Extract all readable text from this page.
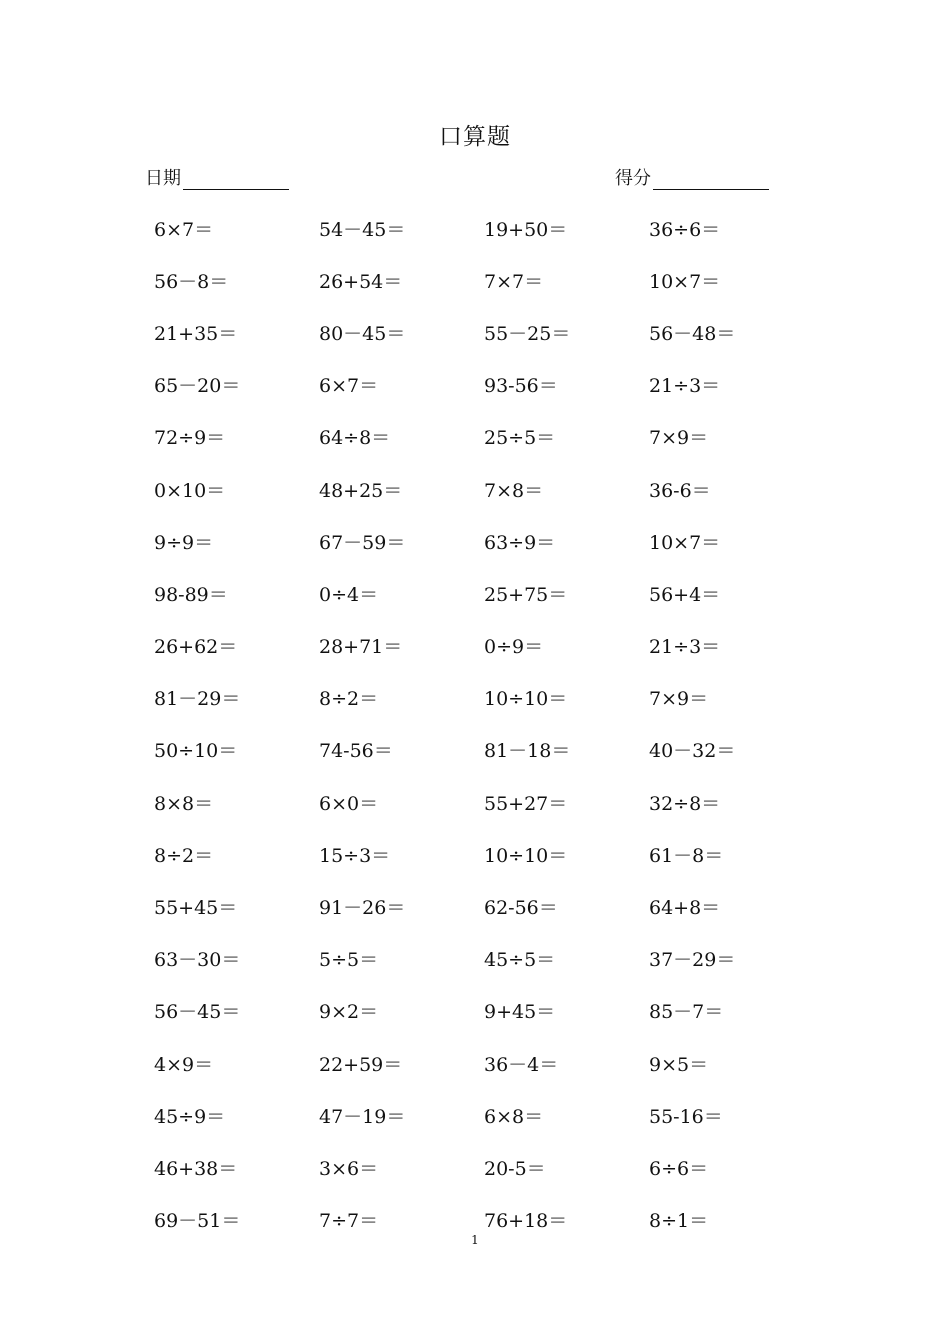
口算题
日期	得分
6×7＝	54－45＝	19+50＝	36÷6＝
56－8＝	26+54＝	7×7＝	10×7＝
21+35＝	80－45＝	55－25＝	56－48＝
65－20＝	6×7＝	93-56＝	21÷3＝
72÷9＝	64÷8＝	25÷5＝	7×9＝
0×10＝	48+25＝	7×8＝	36-6＝
9÷9＝	67－59＝	63÷9＝	10×7＝
98-89＝	0÷4＝	25+75＝	56+4＝
26+62＝	28+71＝	0÷9＝	21÷3＝
81－29＝	8÷2＝	10÷10＝	7×9＝
50÷10＝	74-56＝	81－18＝	40－32＝
8×8＝	6×0＝	55+27＝	32÷8＝
8÷2＝	15÷3＝	10÷10＝	61－8＝
55+45＝	91－26＝	62-56＝	64+8＝
63－30＝	5÷5＝	45÷5＝	37－29＝
56－45＝	9×2＝	9+45＝	85－7＝
4×9＝	22+59＝	36－4＝	9×5＝
45÷9＝	47－19＝	6×8＝	55-16＝
46+38＝	3×6＝	20-5＝	6÷6＝
69－51＝	7÷7＝	76+18＝	8÷1＝
1
